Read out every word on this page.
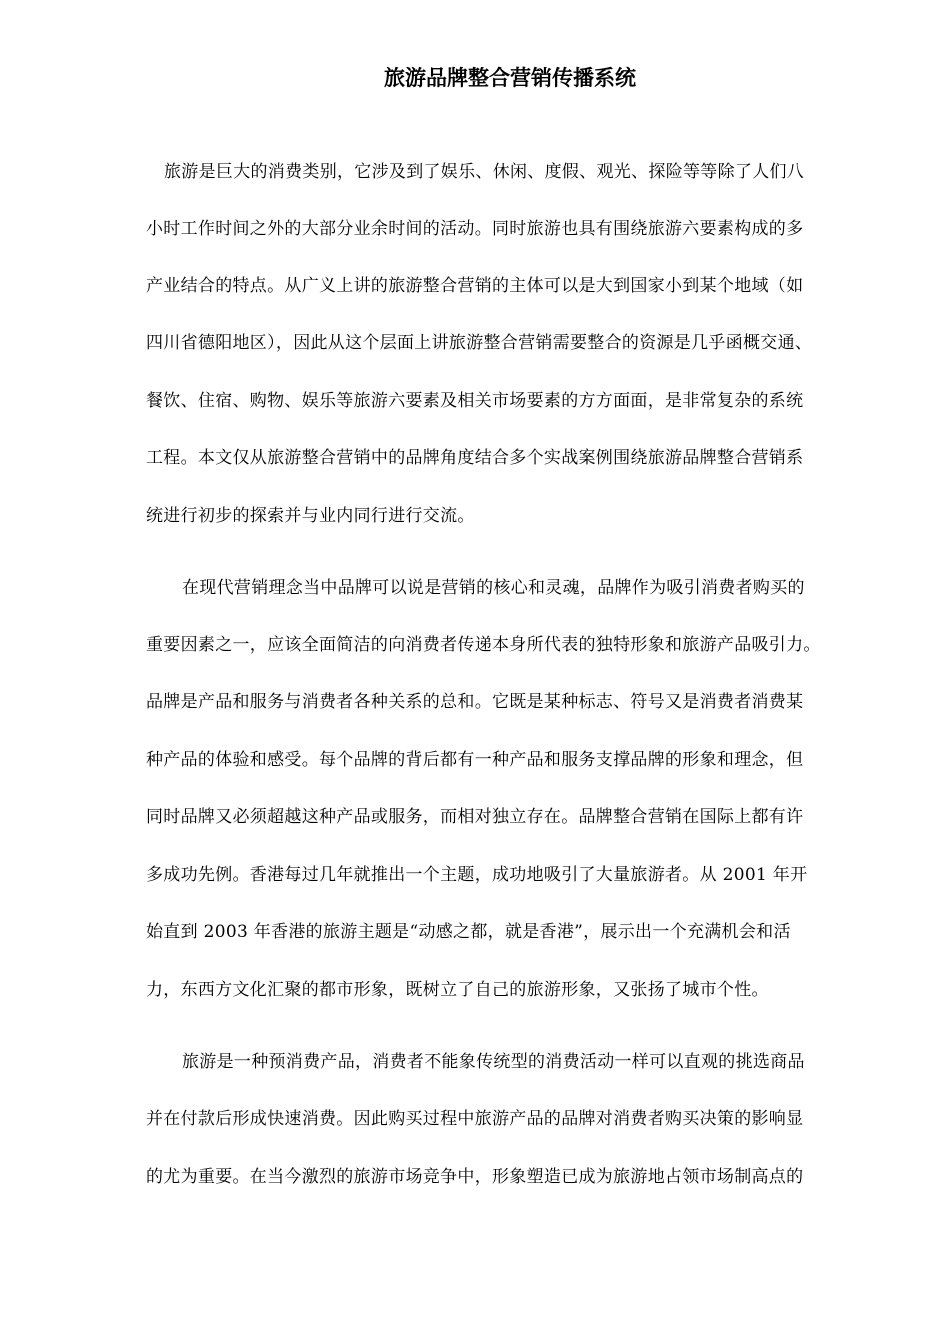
旅游品牌整合营销传播系统
旅游是巨大的消费类别，它涉及到了娱乐、休闲、度假、观光、探险等等除了人们八
小时工作时间之外的大部分业余时间的活动。同时旅游也具有围绕旅游六要素构成的多
产业结合的特点。从广义上讲的旅游整合营销的主体可以是大到国家小到某个地域（如
四川省德阳地区），因此从这个层面上讲旅游整合营销需要整合的资源是几乎函概交通、
餐饮、住宿、购物、娱乐等旅游六要素及相关市场要素的方方面面，是非常复杂的系统
工程。本文仅从旅游整合营销中的品牌角度结合多个实战案例围绕旅游品牌整合营销系
统进行初步的探索并与业内同行进行交流。
在现代营销理念当中品牌可以说是营销的核心和灵魂，品牌作为吸引消费者购买的
重要因素之一，应该全面简洁的向消费者传递本身所代表的独特形象和旅游产品吸引力。
品牌是产品和服务与消费者各种关系的总和。它既是某种标志、符号又是消费者消费某
种产品的体验和感受。每个品牌的背后都有一种产品和服务支撑品牌的形象和理念，但
同时品牌又必须超越这种产品或服务，而相对独立存在。品牌整合营销在国际上都有许
多成功先例。香港每过几年就推出一个主题，成功地吸引了大量旅游者。从 2001 年开
始直到 2003 年香港的旅游主题是“动感之都，就是香港”，展示出一个充满机会和活
力，东西方文化汇聚的都市形象，既树立了自己的旅游形象，又张扬了城市个性。
旅游是一种预消费产品，消费者不能象传统型的消费活动一样可以直观的挑选商品
并在付款后形成快速消费。因此购买过程中旅游产品的品牌对消费者购买决策的影响显
的尤为重要。在当今激烈的旅游市场竞争中，形象塑造已成为旅游地占领市场制高点的
